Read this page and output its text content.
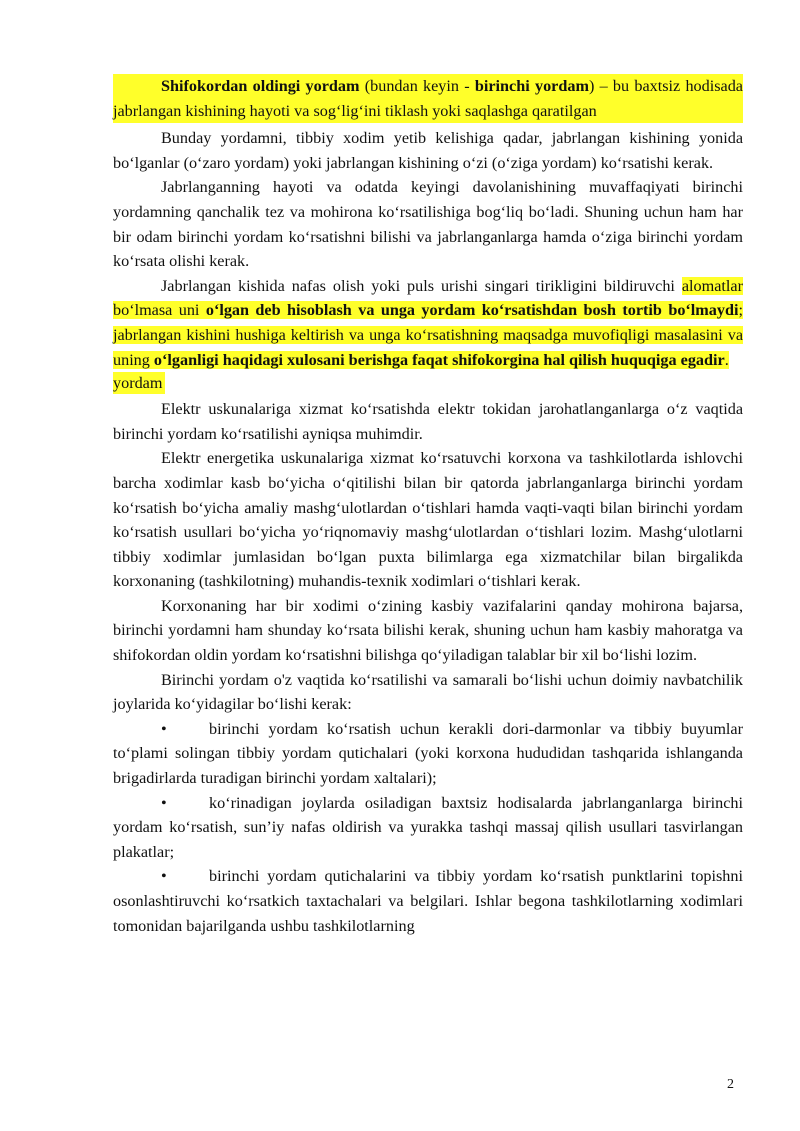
Shifokordan oldingi yordam (bundan keyin - birinchi yordam) – bu baxtsiz hodisada jabrlangan kishining hayoti va sog‘lig‘ini tiklash yoki saqlashga qaratilgan

Bunday yordamni, tibbiy xodim yetib kelishiga qadar, jabrlangan kishining yonida bo‘lganlar (o‘zaro yordam) yoki jabrlangan kishining o‘zi (o‘ziga yordam) ko‘rsatishi kerak.

Jabrlanganning hayoti va odatda keyingi davolanishining muvaffaqiyati birinchi yordamning qanchalik tez va mohirona ko‘rsatilishiga bog‘liq bo‘ladi. Shuning uchun ham har bir odam birinchi yordam ko‘rsatishni bilishi va jabrlanganlarga hamda o‘ziga birinchi yordam ko‘rsata olishi kerak.

Jabrlangan kishida nafas olish yoki puls urishi singari tirikligini bildiruvchi alomatlar bo‘lmasa uni o‘lgan deb hisoblash va unga yordam ko‘rsatishdan bosh tortib bo‘lmaydi; jabrlangan kishini hushiga keltirish va unga ko‘rsatishning maqsadga muvofiqligi masalasini va uning o‘lganligi haqidagi xulosani berishga faqat shifokorgina hal qilish huquqiga egadir.

yordam

Elektr uskunalariga xizmat ko‘rsatishda elektr tokidan jarohatlanganlarga o‘z vaqtida birinchi yordam ko‘rsatilishi ayniqsa muhimdir.

Elektr energetika uskunalariga xizmat ko‘rsatuvchi korxona va tashkilotlarda ishlovchi barcha xodimlar kasb bo‘yicha o‘qitilishi bilan bir qatorda jabrlanganlarga birinchi yordam ko‘rsatish bo‘yicha amaliy mashg‘ulotlardan o‘tishlari hamda vaqti-vaqti bilan birinchi yordam ko‘rsatish usullari bo‘yicha yo‘riqnomaviy mashg‘ulotlardan o‘tishlari lozim. Mashg‘ulotlarni tibbiy xodimlar jumlasidan bo‘lgan puxta bilimlarga ega xizmatchilar bilan birgalikda korxonaning (tashkilotning) muhandis-texnik xodimlari o‘tishlari kerak.

Korxonaning har bir xodimi o‘zining kasbiy vazifalarini qanday mohirona bajarsa, birinchi yordamni ham shunday ko‘rsata bilishi kerak, shuning uchun ham kasbiy mahoratga va shifokordan oldin yordam ko‘rsatishni bilishga qo‘yiladigan talablar bir xil bo‘lishi lozim.

Birinchi yordam o'z vaqtida ko‘rsatilishi va samarali bo‘lishi uchun doimiy navbatchilik joylarida ko‘yidagilar bo‘lishi kerak:

•	birinchi yordam ko‘rsatish uchun kerakli dori-darmonlar va tibbiy buyumlar to‘plami solingan tibbiy yordam qutichalari (yoki korxona hududidan tashqarida ishlanganda brigadirlarda turadigan birinchi yordam xaltalari);

•	ko‘rinadigan joylarda osiladigan baxtsiz hodisalarda jabrlanganlarga birinchi yordam ko‘rsatish, sun’iy nafas oldirish va yurakka tashqi massaj qilish usullari tasvirlangan plakatlar;

•	birinchi yordam qutichalarini va tibbiy yordam ko‘rsatish punktlarini topishni osonlashtiruvchi ko‘rsatkich taxtachalari va belgilari. Ishlar begona tashkilotlarning xodimlari tomonidan bajarilganda ushbu tashkilotlarning

2
